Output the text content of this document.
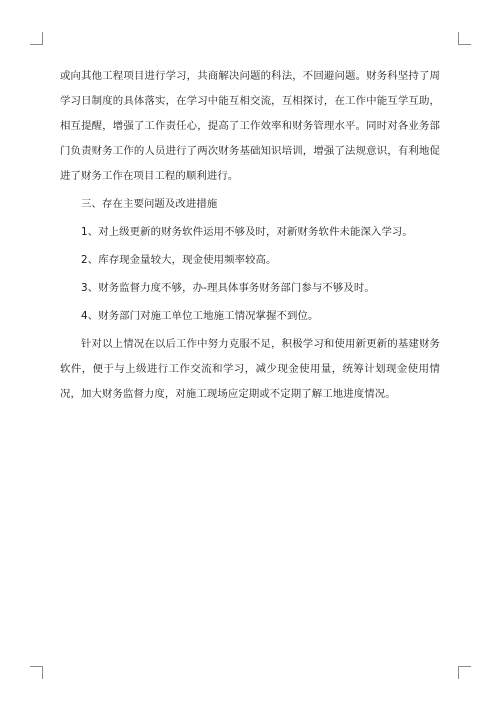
或向其他工程项目进行学习，共商解决问题的科法，不回避问题。财务科坚持了周学习日制度的具体落实，在学习中能互相交流，互相探讨，在工作中能互学互助，相互提醒，增强了工作责任心，提高了工作效率和财务管理水平。同时对各业务部门负责财务工作的人员进行了两次财务基础知识培训，增强了法规意识，有利地促进了财务工作在项目工程的顺利进行。

三、存在主要问题及改进措施

1、对上级更新的财务软件运用不够及时，对新财务软件未能深入学习。

2、库存现金量较大，现金使用频率较高。

3、财务监督力度不够，办-理具体事务财务部门参与不够及时。

4、财务部门对施工单位工地施工情况掌握不到位。

针对以上情况在以后工作中努力克服不足，积极学习和使用新更新的基建财务软件，便于与上级进行工作交流和学习，减少现金使用量，统筹计划现金使用情况，加大财务监督力度，对施工现场应定期或不定期了解工地进度情况。
